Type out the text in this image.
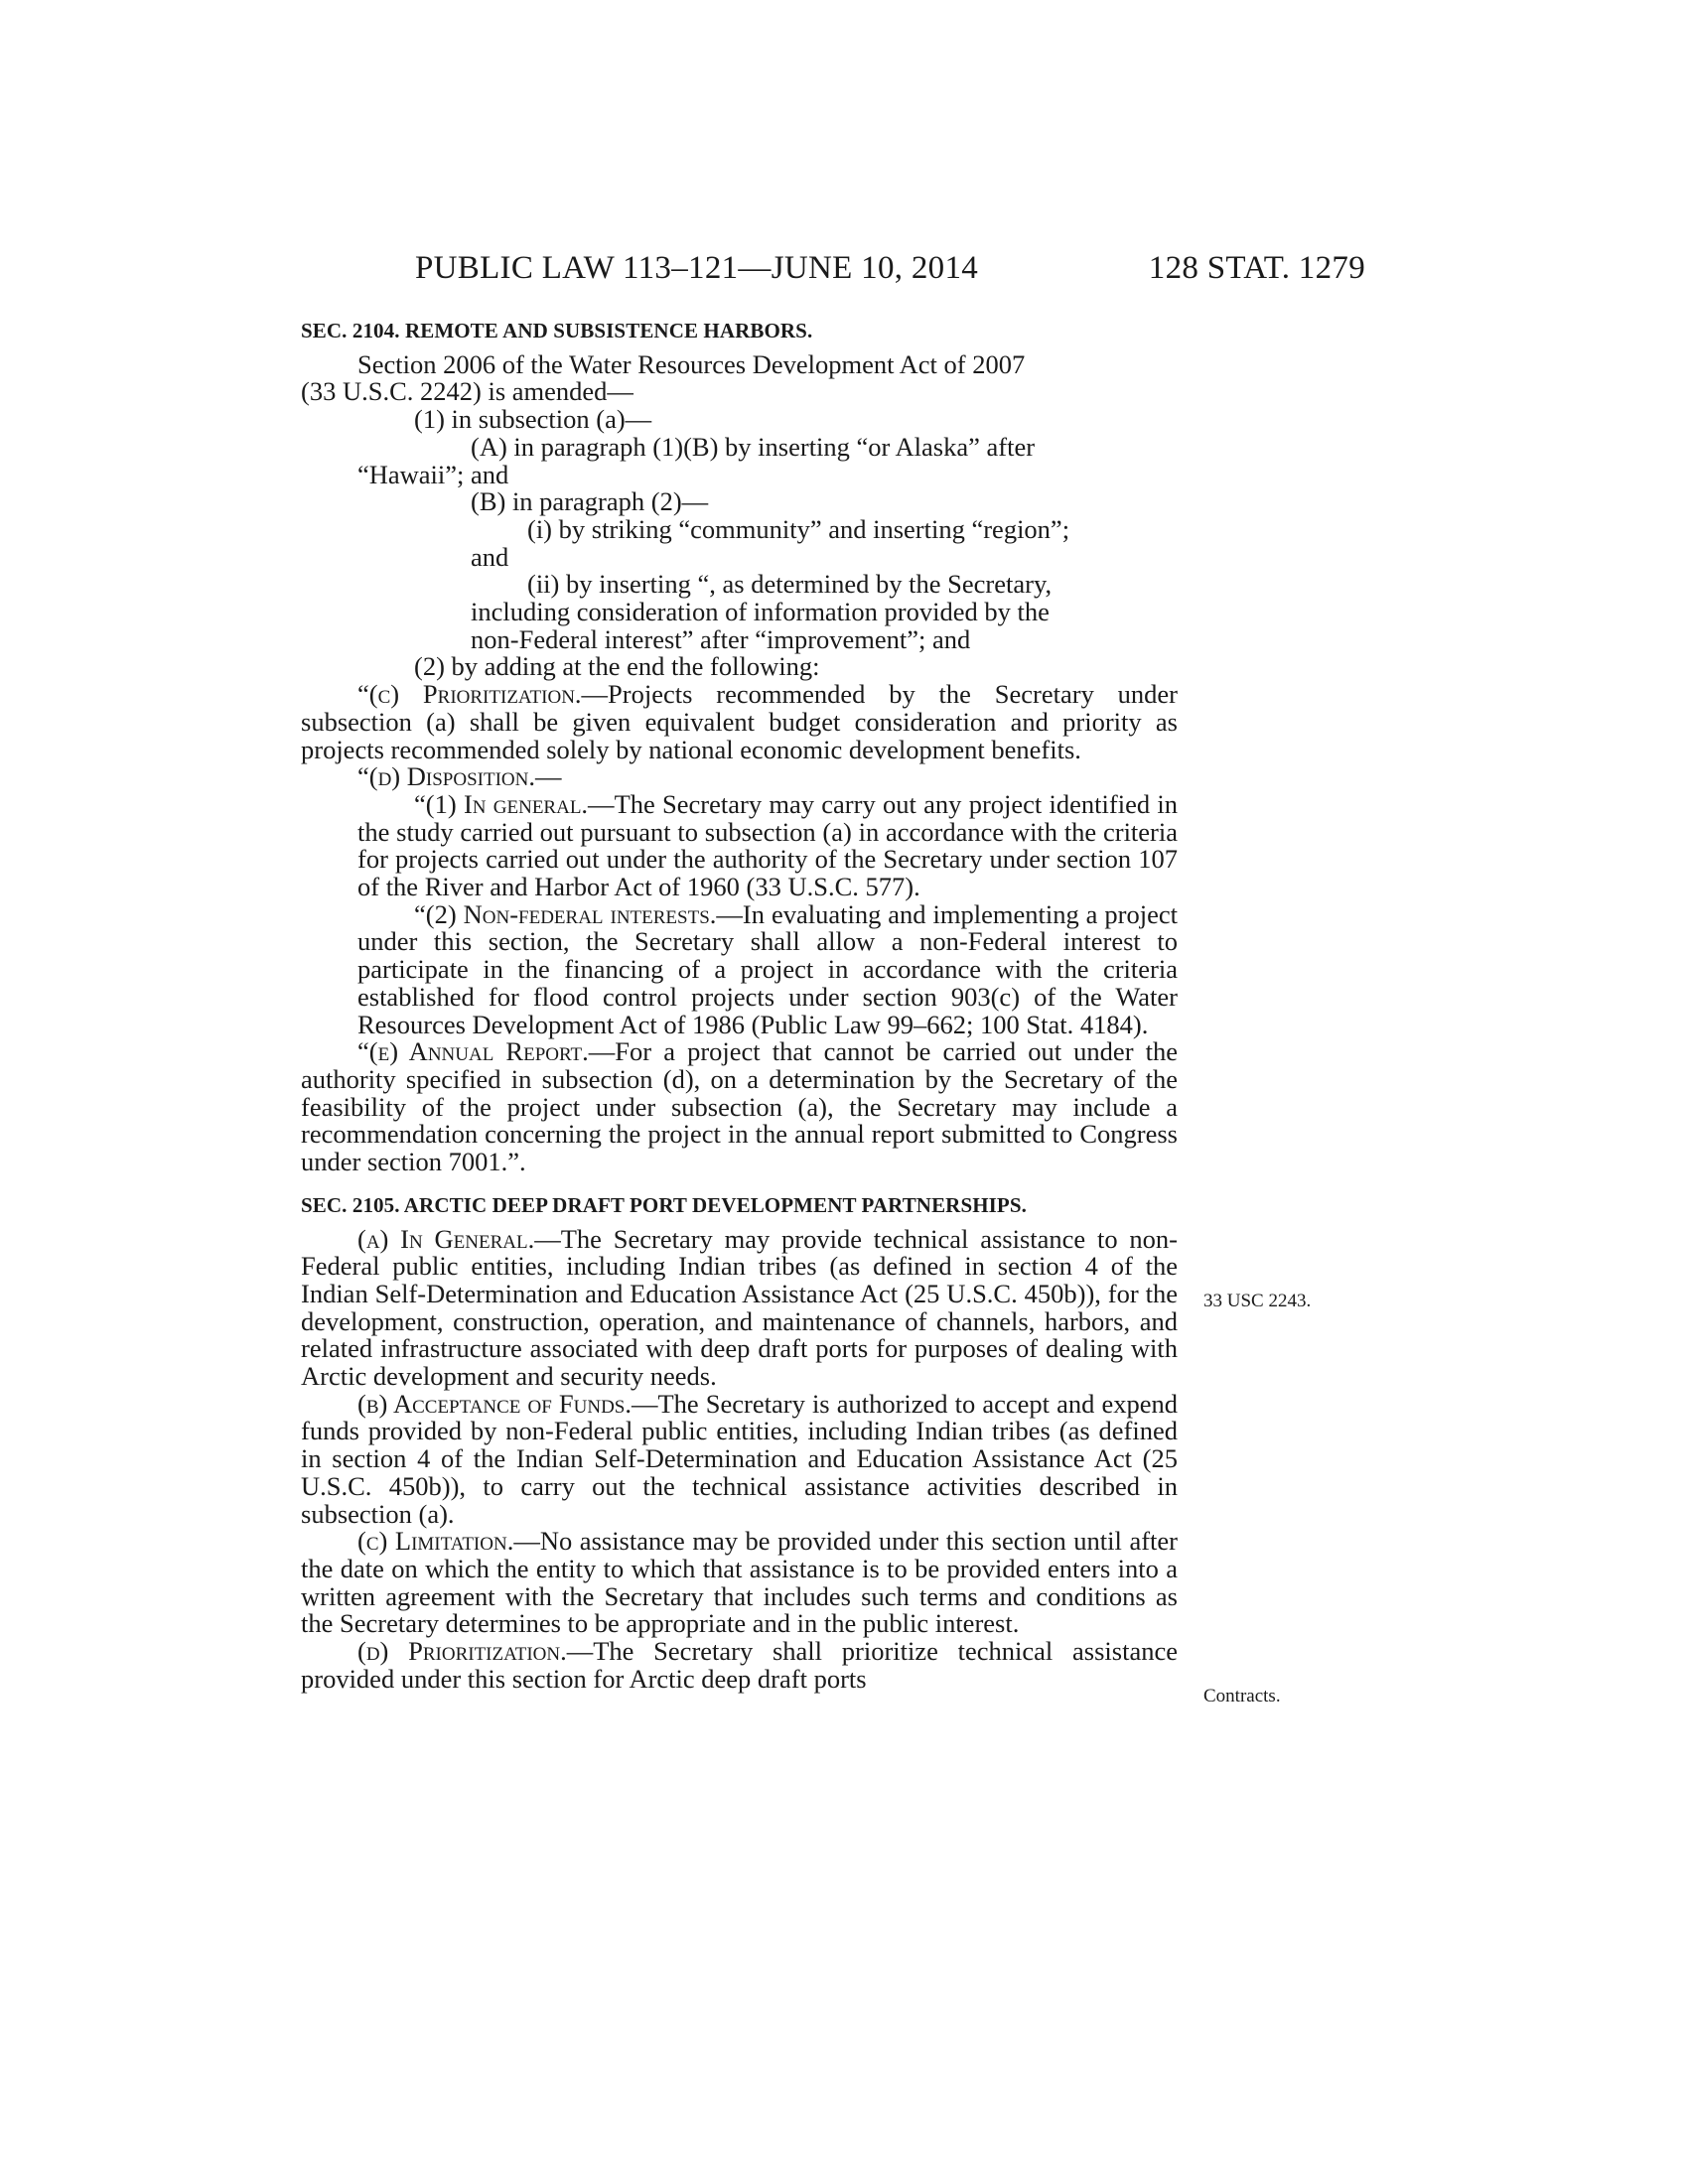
PUBLIC LAW 113–121—JUNE 10, 2014	128 STAT. 1279

SEC. 2104. REMOTE AND SUBSISTENCE HARBORS.

Section 2006 of the Water Resources Development Act of 2007
(33 U.S.C. 2242) is amended—

(1) in subsection (a)—

(A) in paragraph (1)(B) by inserting “or Alaska” after
“Hawaii”; and

(B) in paragraph (2)—

(i) by striking “community” and inserting “region”;
and

(ii) by inserting “, as determined by the Secretary,
including consideration of information provided by the
non-Federal interest” after “improvement”; and

(2) by adding at the end the following:

“(c) Prioritization.—Projects recommended by the Secretary under subsection (a) shall be given equivalent budget consideration and priority as projects recommended solely by national economic development benefits.

“(d) Disposition.—

“(1) In general.—The Secretary may carry out any project identified in the study carried out pursuant to subsection (a) in accordance with the criteria for projects carried out under the authority of the Secretary under section 107 of the River and Harbor Act of 1960 (33 U.S.C. 577).

“(2) Non-federal interests.—In evaluating and implementing a project under this section, the Secretary shall allow a non-Federal interest to participate in the financing of a project in accordance with the criteria established for flood control projects under section 903(c) of the Water Resources Development Act of 1986 (Public Law 99–662; 100 Stat. 4184).

“(e) Annual Report.—For a project that cannot be carried out under the authority specified in subsection (d), on a determination by the Secretary of the feasibility of the project under subsection (a), the Secretary may include a recommendation concerning the project in the annual report submitted to Congress under section 7001.”.

SEC. 2105. ARCTIC DEEP DRAFT PORT DEVELOPMENT PARTNERSHIPS.

(a) In General.—The Secretary may provide technical assistance to non-Federal public entities, including Indian tribes (as defined in section 4 of the Indian Self-Determination and Education Assistance Act (25 U.S.C. 450b)), for the development, construction, operation, and maintenance of channels, harbors, and related infrastructure associated with deep draft ports for purposes of dealing with Arctic development and security needs.

(b) Acceptance of Funds.—The Secretary is authorized to accept and expend funds provided by non-Federal public entities, including Indian tribes (as defined in section 4 of the Indian Self-Determination and Education Assistance Act (25 U.S.C. 450b)), to carry out the technical assistance activities described in subsection (a).

(c) Limitation.—No assistance may be provided under this section until after the date on which the entity to which that assistance is to be provided enters into a written agreement with the Secretary that includes such terms and conditions as the Secretary determines to be appropriate and in the public interest.

(d) Prioritization.—The Secretary shall prioritize technical assistance provided under this section for Arctic deep draft ports

33 USC 2243.
Contracts.
